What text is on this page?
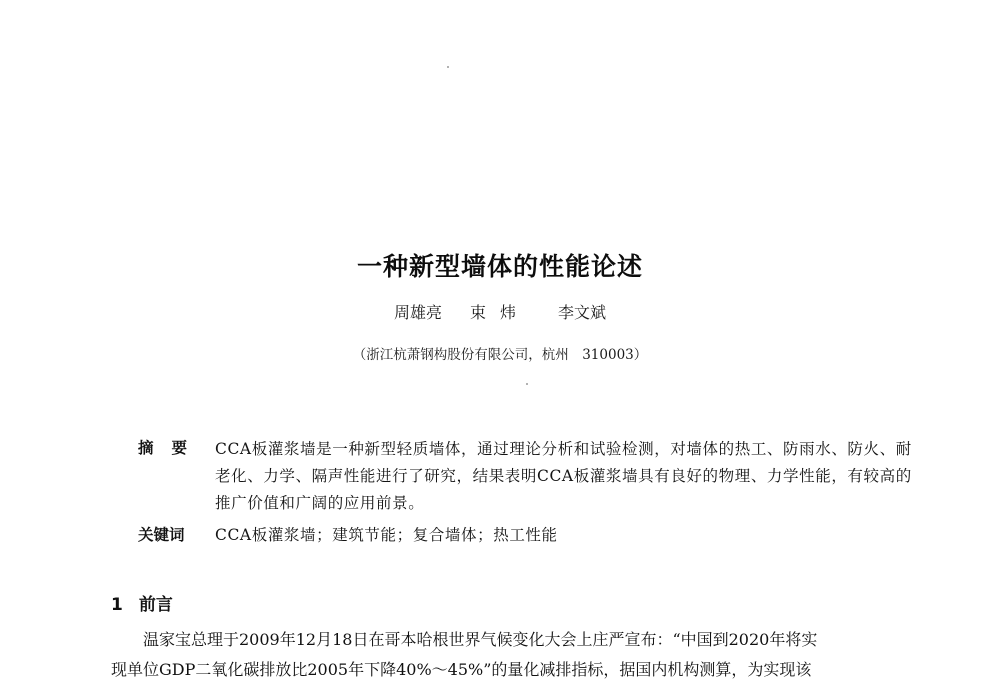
一种新型墙体的性能论述
周雄亮 束炜 李文斌
（浙江杭萧钢构股份有限公司，杭州　310003）
摘要 CCA板灌浆墙是一种新型轻质墙体，通过理论分析和试验检测，对墙体的热工、防雨水、防火、耐老化、力学、隔声性能进行了研究，结果表明CCA板灌浆墙具有良好的物理、力学性能，有较高的推广价值和广阔的应用前景。
关键词 CCA板灌浆墙；建筑节能；复合墙体；热工性能
1 前言
温家宝总理于2009年12月18日在哥本哈根世界气候变化大会上庄严宣布：“中国到2020年将实
现单位GDP二氧化碳排放比2005年下降40%～45%”的量化减排指标，据国内机构测算，为实现该
